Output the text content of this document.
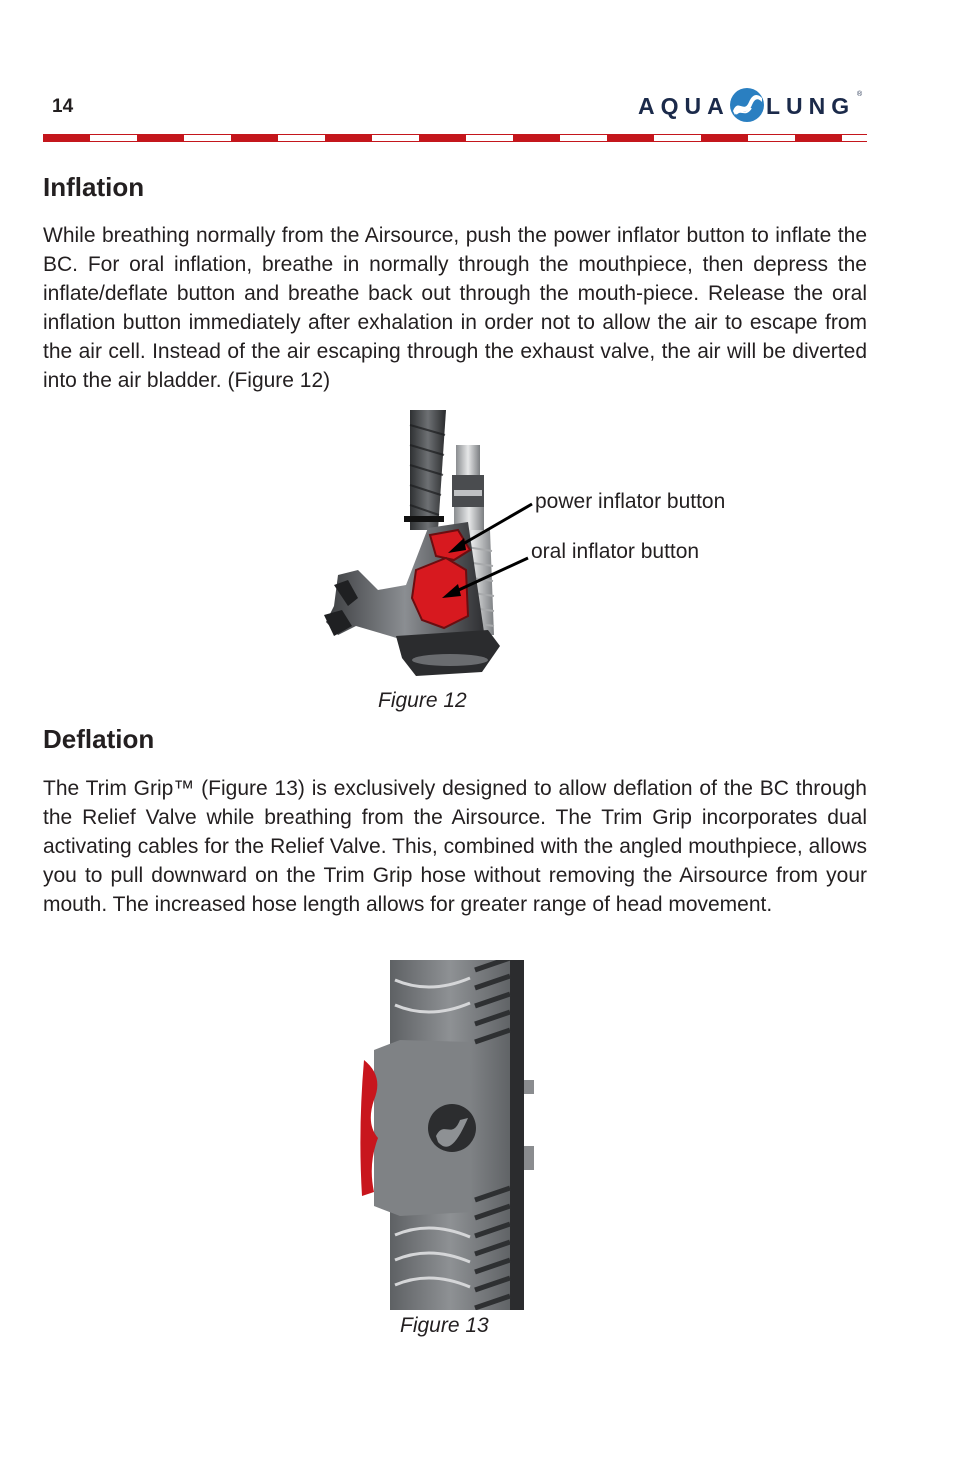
14	AQUA LUNG ®
Inflation

While breathing normally from the Airsource, push the power inflator button to inflate the BC. For oral inflation, breathe in normally through the mouthpiece, then depress the inflate/deflate button and breathe back out through the mouth-piece. Release the oral inflation button immediately after exhalation in order not to allow the air to escape from the air cell. Instead of the air escaping through the exhaust valve, the air will be diverted into the air bladder. (Figure 12)

power inflator button
oral inflator button
Figure 12
Deflation

The Trim Grip™ (Figure 13) is exclusively designed to allow deflation of the BC through the Relief Valve while breathing from the Airsource. The Trim Grip incorporates dual activating cables for the Relief Valve. This, combined with the angled mouthpiece, allows you to pull downward on the Trim Grip hose without removing the Airsource from your mouth. The increased hose length allows for greater range of head movement.

Figure 13
